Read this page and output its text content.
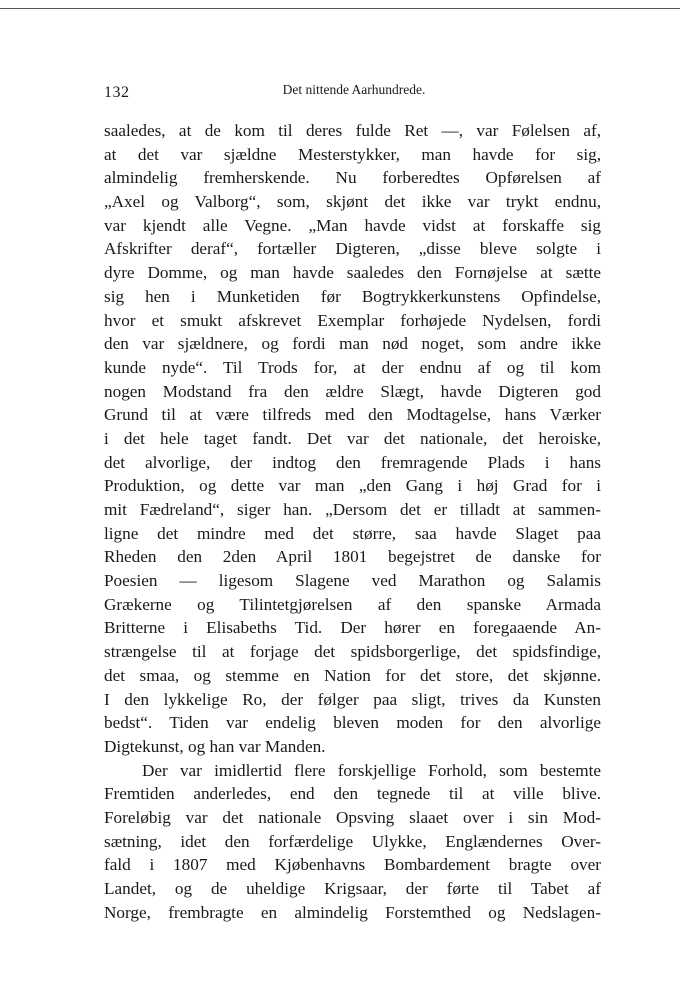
132	Det nittende Aarhundrede.
saaledes, at de kom til deres fulde Ret —, var Følelsen af,
at det var sjældne Mesterstykker, man havde for sig,
almindelig fremherskende. Nu forberedtes Opførelsen af
„Axel og Valborg“, som, skjønt det ikke var trykt endnu,
var kjendt alle Vegne. „Man havde vidst at forskaffe sig
Afskrifter deraf“, fortæller Digteren, „disse bleve solgte i
dyre Domme, og man havde saaledes den Fornøjelse at sætte
sig hen i Munketiden før Bogtrykkerkunstens Opfindelse,
hvor et smukt afskrevet Exemplar forhøjede Nydelsen, fordi
den var sjældnere, og fordi man nød noget, som andre ikke
kunde nyde“. Til Trods for, at der endnu af og til kom
nogen Modstand fra den ældre Slægt, havde Digteren god
Grund til at være tilfreds med den Modtagelse, hans Værker
i det hele taget fandt. Det var det nationale, det heroiske,
det alvorlige, der indtog den fremragende Plads i hans
Produktion, og dette var man „den Gang i høj Grad for i
mit Fædreland“, siger han. „Dersom det er tilladt at sammen-
ligne det mindre med det større, saa havde Slaget paa
Rheden den 2den April 1801 begejstret de danske for
Poesien — ligesom Slagene ved Marathon og Salamis
Grækerne og Tilintetgjørelsen af den spanske Armada
Britterne i Elisabeths Tid. Der hører en foregaaende An-
strængelse til at forjage det spidsborgerlige, det spidsfindige,
det smaa, og stemme en Nation for det store, det skjønne.
I den lykkelige Ro, der følger paa sligt, trives da Kunsten
bedst“. Tiden var endelig bleven moden for den alvorlige
Digtekunst, og han var Manden.
Der var imidlertid flere forskjellige Forhold, som bestemte
Fremtiden anderledes, end den tegnede til at ville blive.
Foreløbig var det nationale Opsving slaaet over i sin Mod-
sætning, idet den forfærdelige Ulykke, Englændernes Over-
fald i 1807 med Kjøbenhavns Bombardement bragte over
Landet, og de uheldige Krigsaar, der førte til Tabet af
Norge, frembragte en almindelig Forstemthed og Nedslagen-
